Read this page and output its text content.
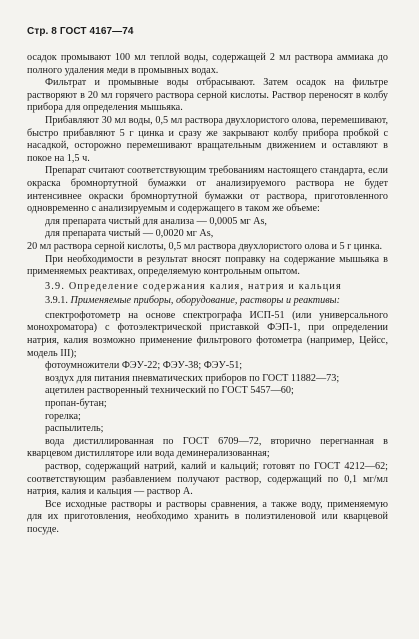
Стр. 8 ГОСТ 4167—74

осадок промывают 100 мл теплой воды, содержащей 2 мл раствора аммиака до полного удаления меди в промывных водах.

Фильтрат и промывные воды отбрасывают. Затем осадок на фильтре растворяют в 20 мл горячего раствора серной кислоты. Раствор переносят в колбу прибора для определения мышьяка.

Прибавляют 30 мл воды, 0,5 мл раствора двухлористого олова, перемешивают, быстро прибавляют 5 г цинка и сразу же закрывают колбу прибора пробкой с насадкой, осторожно перемешивают вращательным движением и оставляют в покое на 1,5 ч.

Препарат считают соответствующим требованиям настоящего стандарта, если окраска бромнортутной бумажки от анализируемого раствора не будет интенсивнее окраски бромнортутной бумажки от раствора, приготовленного одновременно с анализируемым и содержащего в таком же объеме:

для препарата чистый для анализа — 0,0005 мг As,

для препарата чистый — 0,0020 мг As,

20 мл раствора серной кислоты, 0,5 мл раствора двухлористого олова и 5 г цинка.

При необходимости в результат вносят поправку на содержание мышьяка в применяемых реактивах, определяемую контрольным опытом.

3.9. Определение содержания калия, натрия и кальция

3.9.1. Применяемые приборы, оборудование, растворы и реактивы:

спектрофотометр на основе спектрографа ИСП-51 (или универсального монохроматора) с фотоэлектрической приставкой ФЭП-1, при определении натрия, калия возможно применение фильтрового фотометра (например, Цейсс, модель III);

фотоумножители ФЭУ-22; ФЭУ-38; ФЭУ-51;

воздух для питания пневматических приборов по ГОСТ 11882—73;

ацетилен растворенный технический по ГОСТ 5457—60;

пропан-бутан;

горелка;

распылитель;

вода дистиллированная по ГОСТ 6709—72, вторично перегнанная в кварцевом дистилляторе или вода деминерализованная;

раствор, содержащий натрий, калий и кальций; готовят по ГОСТ 4212—62; соответствующим разбавлением получают раствор, содержащий по 0,1 мг/мл натрия, калия и кальция — раствор А.

Все исходные растворы и растворы сравнения, а также воду, применяемую для их приготовления, необходимо хранить в полиэтиленовой или кварцевой посуде.
